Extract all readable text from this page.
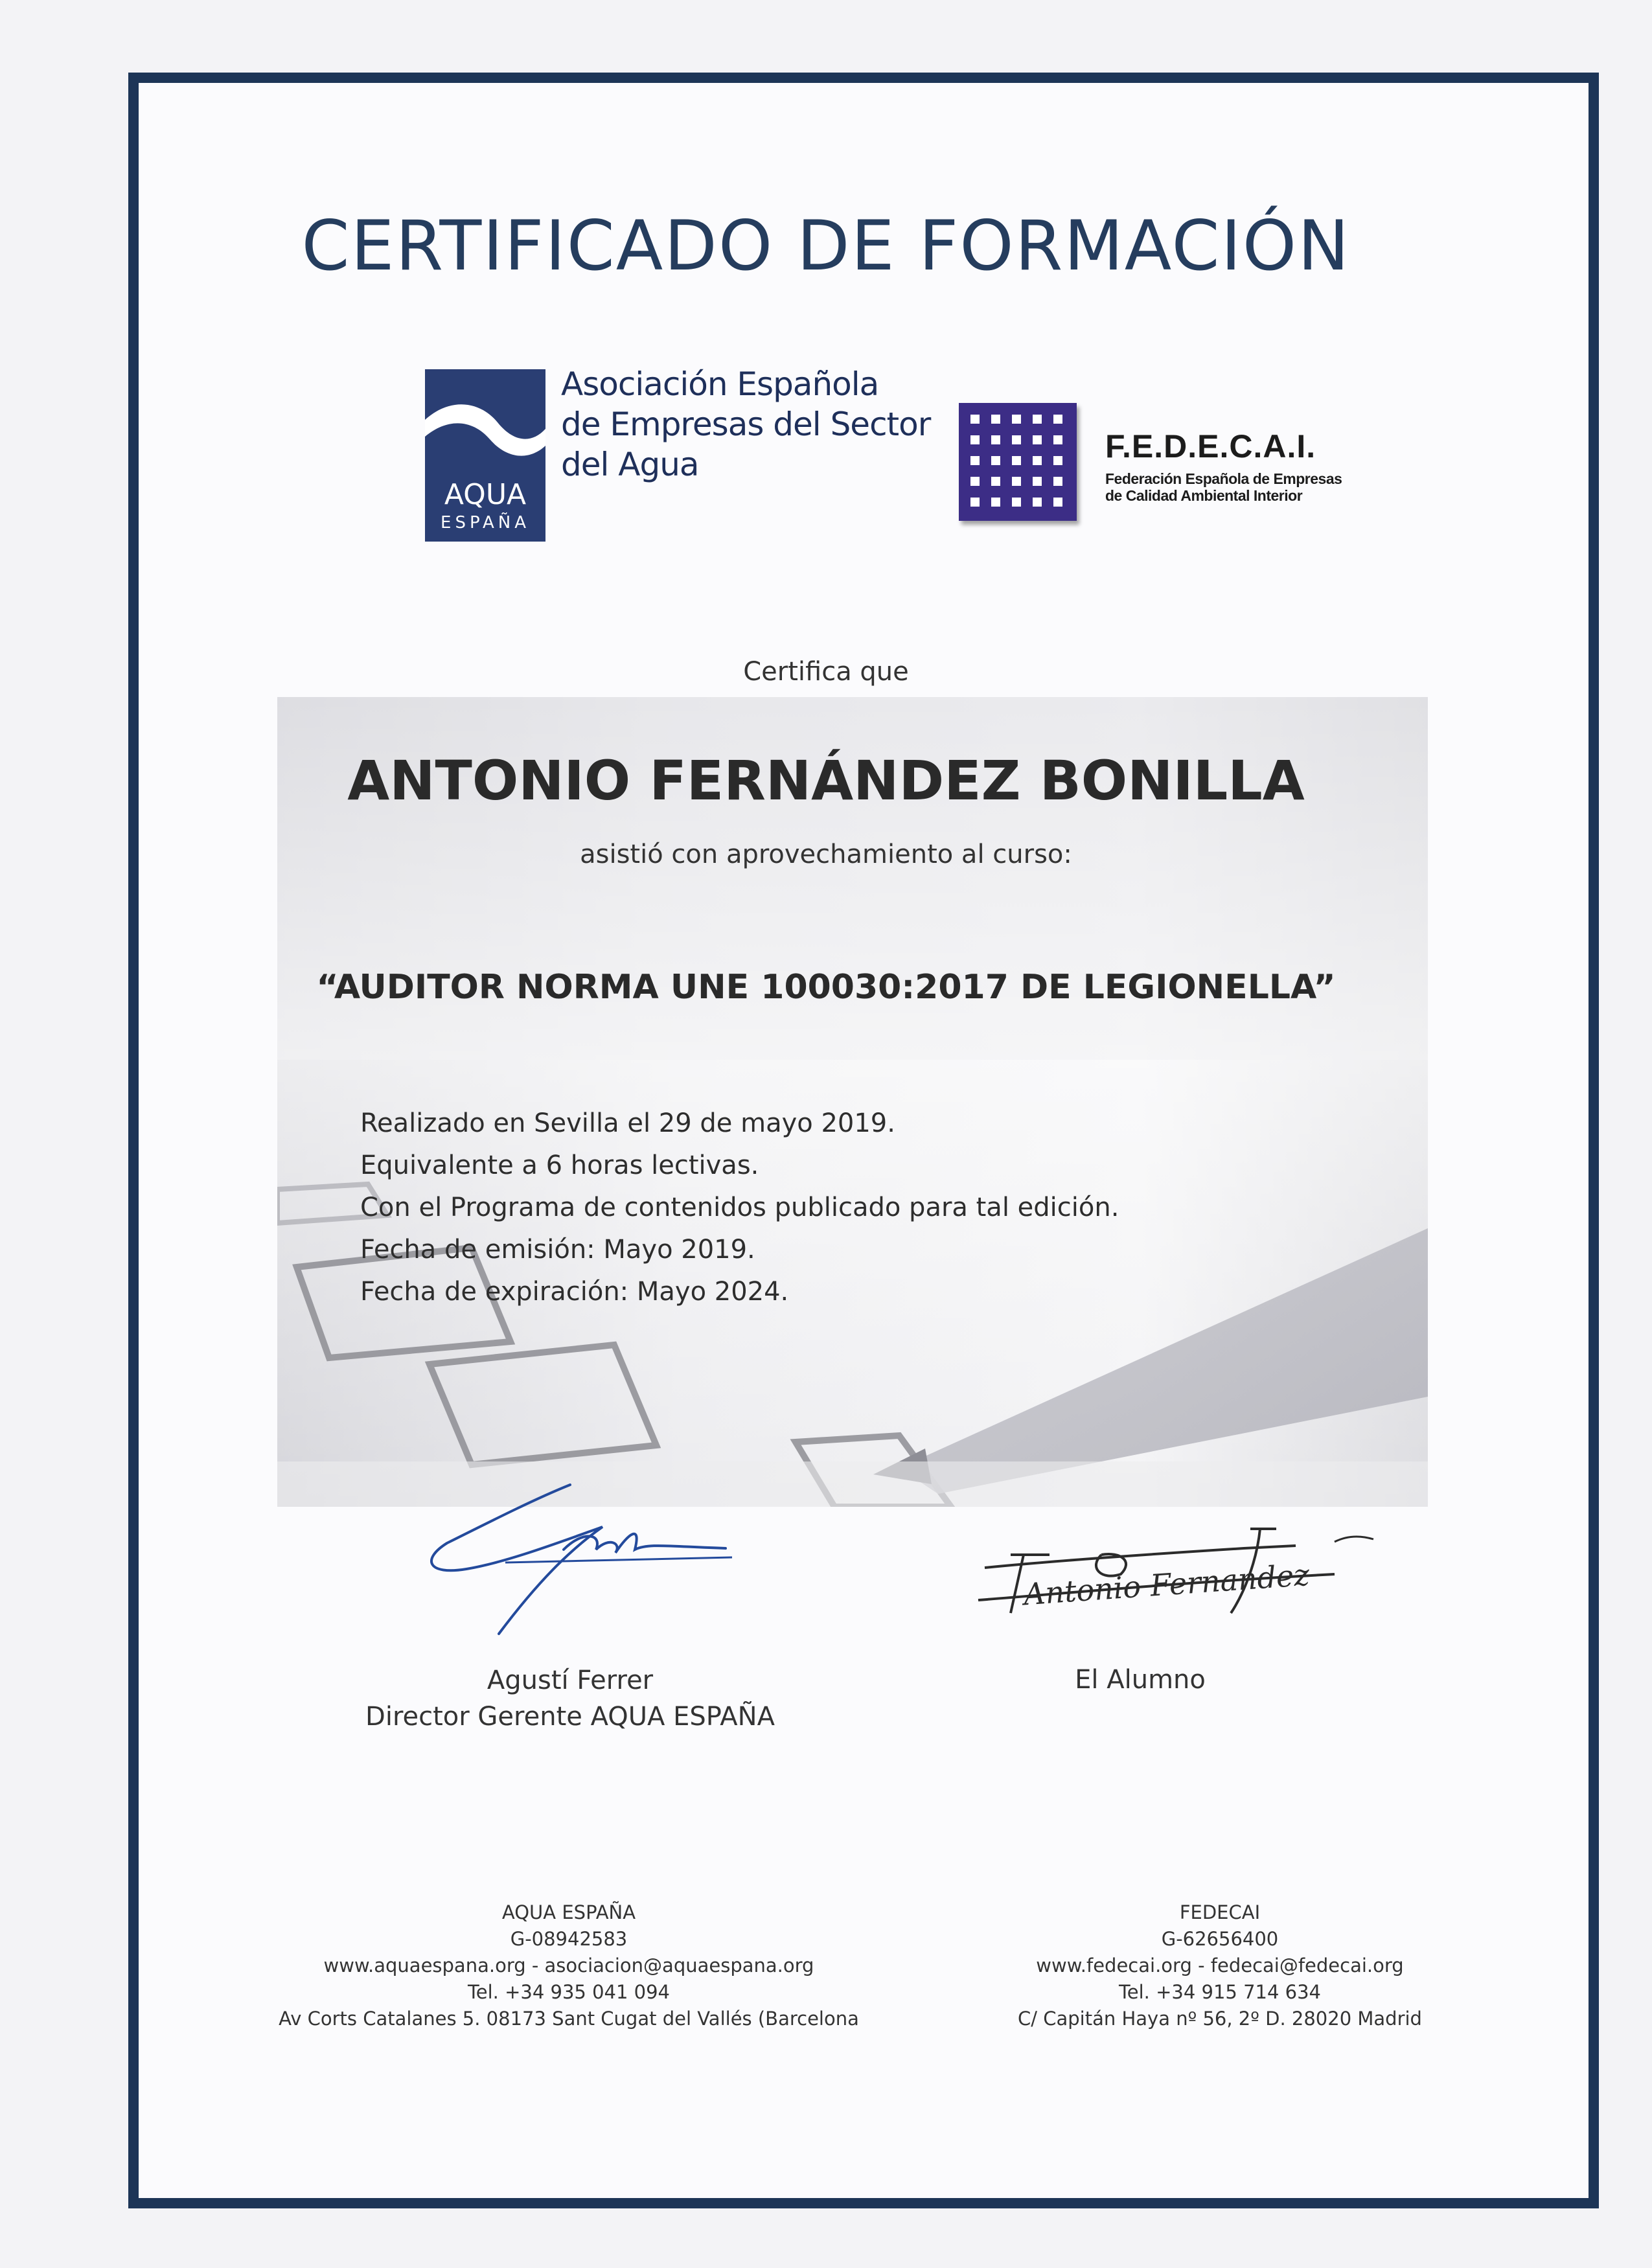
CERTIFICADO DE FORMACIÓN
AQUA
ESPAÑA
Asociación Española
de Empresas del Sector
del Agua	F.E.D.E.C.A.I.
Federación Española de Empresas
de Calidad Ambiental Interior
Certifica que
ANTONIO FERNÁNDEZ BONILLA
asistió con aprovechamiento al curso:
“AUDITOR NORMA UNE 100030:2017 DE LEGIONELLA”
Realizado en Sevilla el 29 de mayo 2019.
Equivalente a 6 horas lectivas.
Con el Programa de contenidos publicado para tal edición.
Fecha de emisión: Mayo 2019.
Fecha de expiración: Mayo 2024.
Antonio Fernandez
Agustí Ferrer
Director Gerente AQUA ESPAÑA
El Alumno
AQUA ESPAÑA
G-08942583
www.aquaespana.org - asociacion@aquaespana.org
Tel. +34 935 041 094
Av Corts Catalanes 5. 08173 Sant Cugat del Vallés (Barcelona
FEDECAI
G-62656400
www.fedecai.org - fedecai@fedecai.org
Tel. +34 915 714 634
C/ Capitán Haya nº 56, 2º D. 28020 Madrid
